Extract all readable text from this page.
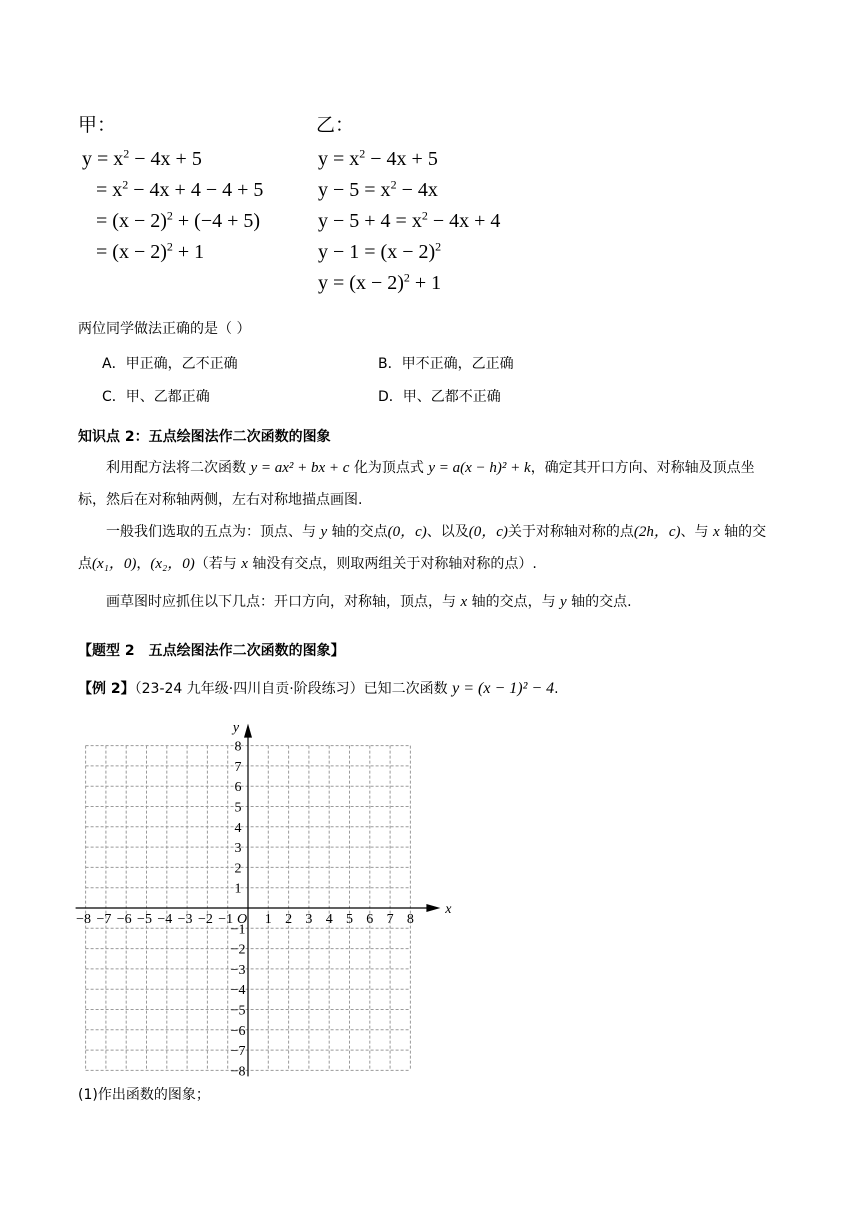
甲：
$y = x^2 - 4x + 5$
= $x^2 - 4x + 4 - 4 + 5$
= $(x - 2)^2 + (-4 + 5)$
= $(x - 2)^2 + 1$
乙：
$y = x^2 - 4x + 5$
$y - 5 = x^2 - 4x$
$y - 5 + 4 = x^2 - 4x + 4$
$y - 1 = (x - 2)^2$
$y = (x - 2)^2 + 1$
两位同学做法正确的是（ ）
A．甲正确，乙不正确	B．甲不正确，乙正确
C．甲、乙都正确	D．甲、乙都不正确
知识点 2：五点绘图法作二次函数的图象
利用配方法将二次函数 y = ax² + bx + c 化为顶点式 y = a(x − h)² + k，确定其开口方向、对称轴及顶点坐标，然后在对称轴两侧，左右对称地描点画图.
一般我们选取的五点为：顶点、与 y 轴的交点(0，c)、以及(0，c)关于对称轴对称的点(2h，c)、与 x 轴的交点(x₁，0)，(x₂，0)（若与 x 轴没有交点，则取两组关于对称轴对称的点）.
画草图时应抓住以下几点：开口方向，对称轴，顶点，与 x 轴的交点，与 y 轴的交点.
【题型 2　五点绘图法作二次函数的图象】
【例 2】（23-24 九年级·四川自贡·阶段练习）已知二次函数 y = (x − 1)² − 4.
x
y
O 1 2 3 4 5 6 7 8
−8 −7 −6 −5 −4 −3 −2 −1
1
2
3
4
5
6
7
8
−1
−2
−3
−4
−5
−6
−7
−8
(1)作出函数的图象；
